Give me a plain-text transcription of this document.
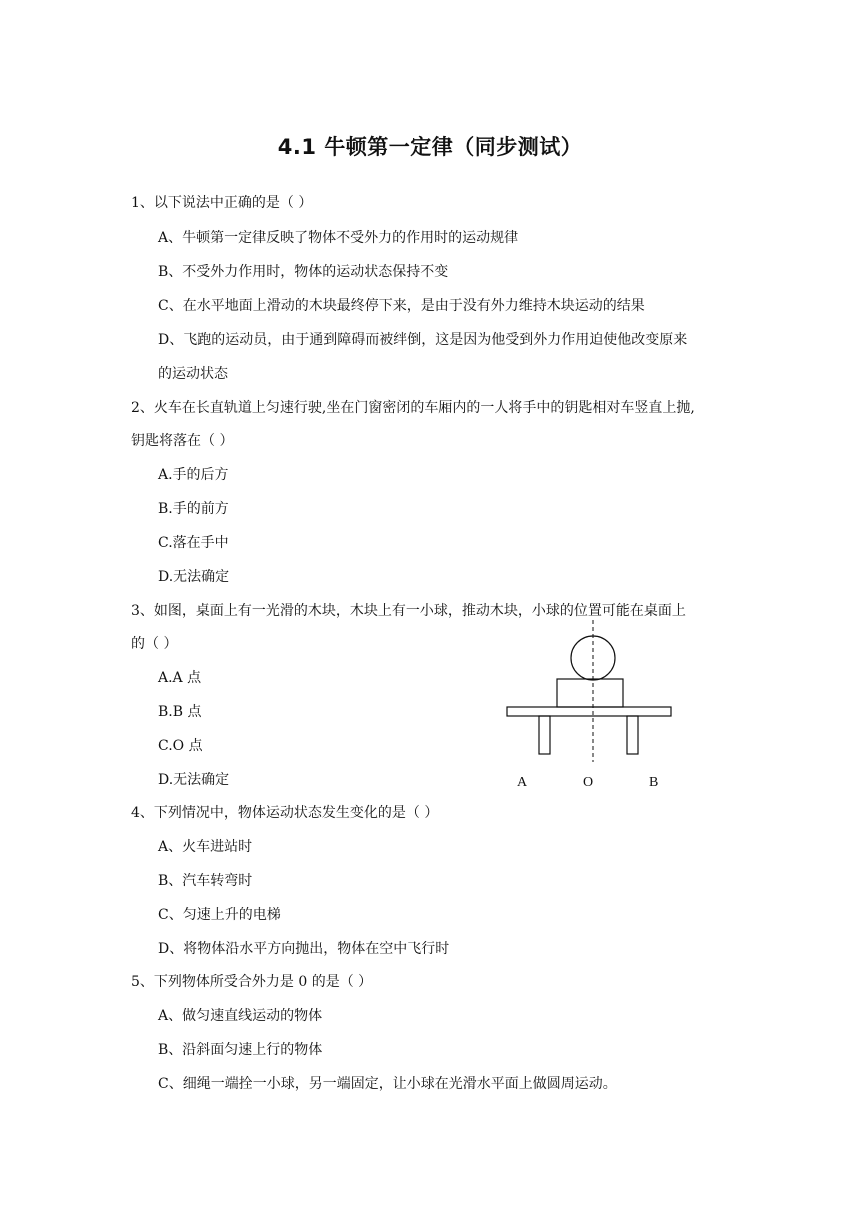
4.1 牛顿第一定律（同步测试）
1、以下说法中正确的是（ ）
A、牛顿第一定律反映了物体不受外力的作用时的运动规律
B、不受外力作用时，物体的运动状态保持不变
C、在水平地面上滑动的木块最终停下来，是由于没有外力维持木块运动的结果
D、飞跑的运动员，由于通到障碍而被绊倒，这是因为他受到外力作用迫使他改变原来
的运动状态
2、火车在长直轨道上匀速行驶,坐在门窗密闭的车厢内的一人将手中的钥匙相对车竖直上抛,
钥匙将落在（ ）
A.手的后方
B.手的前方
C.落在手中
D.无法确定
3、如图，桌面上有一光滑的木块，木块上有一小球，推动木块，小球的位置可能在桌面上
的（ ）
A.A 点
B.B 点
C.O 点
D.无法确定	A	O	B
4、下列情况中，物体运动状态发生变化的是（ ）
A、火车进站时
B、汽车转弯时
C、匀速上升的电梯
D、将物体沿水平方向抛出，物体在空中飞行时
5、下列物体所受合外力是 0 的是（ ）
A、做匀速直线运动的物体
B、沿斜面匀速上行的物体
C、细绳一端拴一小球，另一端固定，让小球在光滑水平面上做圆周运动。
